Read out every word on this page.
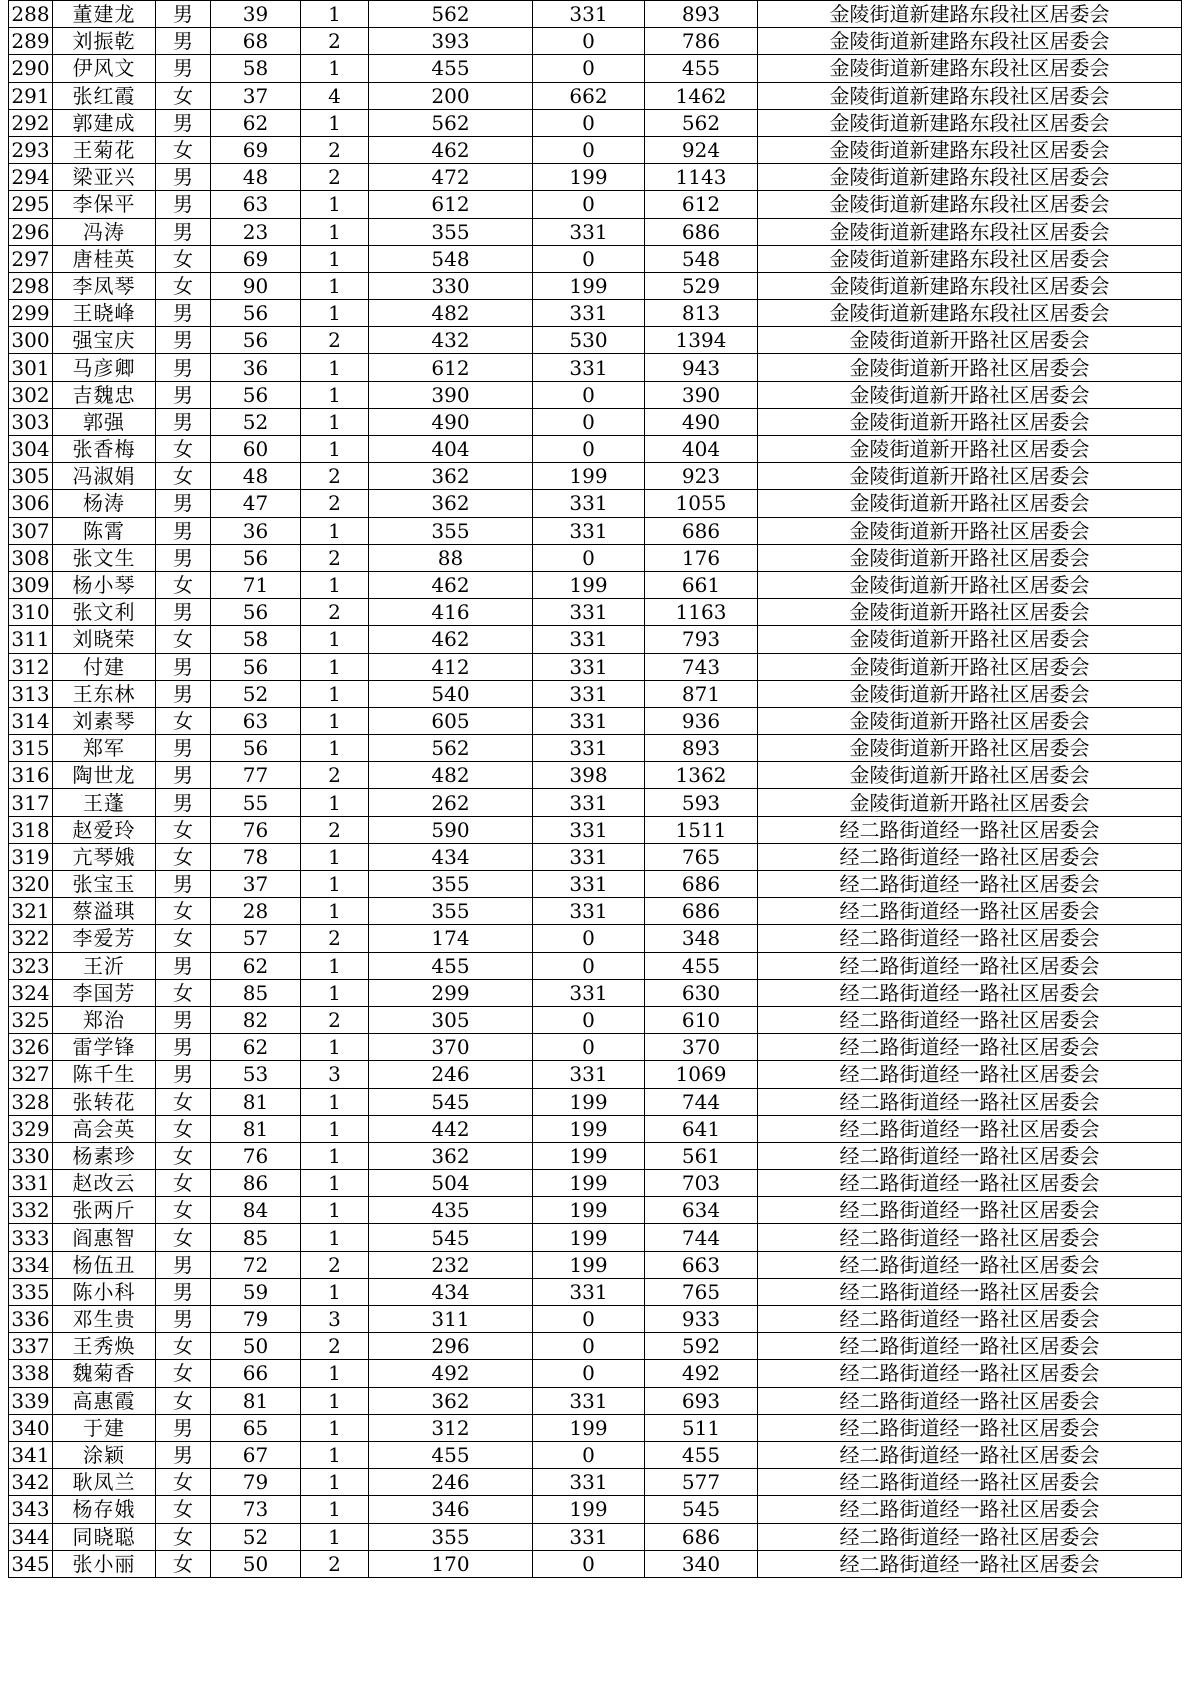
288	董建龙	男	39	1	562	331	893	金陵街道新建路东段社区居委会
289	刘振乾	男	68	2	393	0	786	金陵街道新建路东段社区居委会
290	伊风文	男	58	1	455	0	455	金陵街道新建路东段社区居委会
291	张红霞	女	37	4	200	662	1462	金陵街道新建路东段社区居委会
292	郭建成	男	62	1	562	0	562	金陵街道新建路东段社区居委会
293	王菊花	女	69	2	462	0	924	金陵街道新建路东段社区居委会
294	梁亚兴	男	48	2	472	199	1143	金陵街道新建路东段社区居委会
295	李保平	男	63	1	612	0	612	金陵街道新建路东段社区居委会
296	冯涛	男	23	1	355	331	686	金陵街道新建路东段社区居委会
297	唐桂英	女	69	1	548	0	548	金陵街道新建路东段社区居委会
298	李凤琴	女	90	1	330	199	529	金陵街道新建路东段社区居委会
299	王晓峰	男	56	1	482	331	813	金陵街道新建路东段社区居委会
300	强宝庆	男	56	2	432	530	1394	金陵街道新开路社区居委会
301	马彦卿	男	36	1	612	331	943	金陵街道新开路社区居委会
302	吉魏忠	男	56	1	390	0	390	金陵街道新开路社区居委会
303	郭强	男	52	1	490	0	490	金陵街道新开路社区居委会
304	张香梅	女	60	1	404	0	404	金陵街道新开路社区居委会
305	冯淑娟	女	48	2	362	199	923	金陵街道新开路社区居委会
306	杨涛	男	47	2	362	331	1055	金陵街道新开路社区居委会
307	陈霄	男	36	1	355	331	686	金陵街道新开路社区居委会
308	张文生	男	56	2	88	0	176	金陵街道新开路社区居委会
309	杨小琴	女	71	1	462	199	661	金陵街道新开路社区居委会
310	张文利	男	56	2	416	331	1163	金陵街道新开路社区居委会
311	刘晓荣	女	58	1	462	331	793	金陵街道新开路社区居委会
312	付建	男	56	1	412	331	743	金陵街道新开路社区居委会
313	王东林	男	52	1	540	331	871	金陵街道新开路社区居委会
314	刘素琴	女	63	1	605	331	936	金陵街道新开路社区居委会
315	郑军	男	56	1	562	331	893	金陵街道新开路社区居委会
316	陶世龙	男	77	2	482	398	1362	金陵街道新开路社区居委会
317	王蓬	男	55	1	262	331	593	金陵街道新开路社区居委会
318	赵爱玲	女	76	2	590	331	1511	经二路街道经一路社区居委会
319	亢琴娥	女	78	1	434	331	765	经二路街道经一路社区居委会
320	张宝玉	男	37	1	355	331	686	经二路街道经一路社区居委会
321	蔡溢琪	女	28	1	355	331	686	经二路街道经一路社区居委会
322	李爱芳	女	57	2	174	0	348	经二路街道经一路社区居委会
323	王沂	男	62	1	455	0	455	经二路街道经一路社区居委会
324	李国芳	女	85	1	299	331	630	经二路街道经一路社区居委会
325	郑治	男	82	2	305	0	610	经二路街道经一路社区居委会
326	雷学锋	男	62	1	370	0	370	经二路街道经一路社区居委会
327	陈千生	男	53	3	246	331	1069	经二路街道经一路社区居委会
328	张转花	女	81	1	545	199	744	经二路街道经一路社区居委会
329	高会英	女	81	1	442	199	641	经二路街道经一路社区居委会
330	杨素珍	女	76	1	362	199	561	经二路街道经一路社区居委会
331	赵改云	女	86	1	504	199	703	经二路街道经一路社区居委会
332	张两斤	女	84	1	435	199	634	经二路街道经一路社区居委会
333	阎惠智	女	85	1	545	199	744	经二路街道经一路社区居委会
334	杨伍丑	男	72	2	232	199	663	经二路街道经一路社区居委会
335	陈小科	男	59	1	434	331	765	经二路街道经一路社区居委会
336	邓生贵	男	79	3	311	0	933	经二路街道经一路社区居委会
337	王秀焕	女	50	2	296	0	592	经二路街道经一路社区居委会
338	魏菊香	女	66	1	492	0	492	经二路街道经一路社区居委会
339	高惠霞	女	81	1	362	331	693	经二路街道经一路社区居委会
340	于建	男	65	1	312	199	511	经二路街道经一路社区居委会
341	涂颖	男	67	1	455	0	455	经二路街道经一路社区居委会
342	耿凤兰	女	79	1	246	331	577	经二路街道经一路社区居委会
343	杨存娥	女	73	1	346	199	545	经二路街道经一路社区居委会
344	同晓聪	女	52	1	355	331	686	经二路街道经一路社区居委会
345	张小丽	女	50	2	170	0	340	经二路街道经一路社区居委会
